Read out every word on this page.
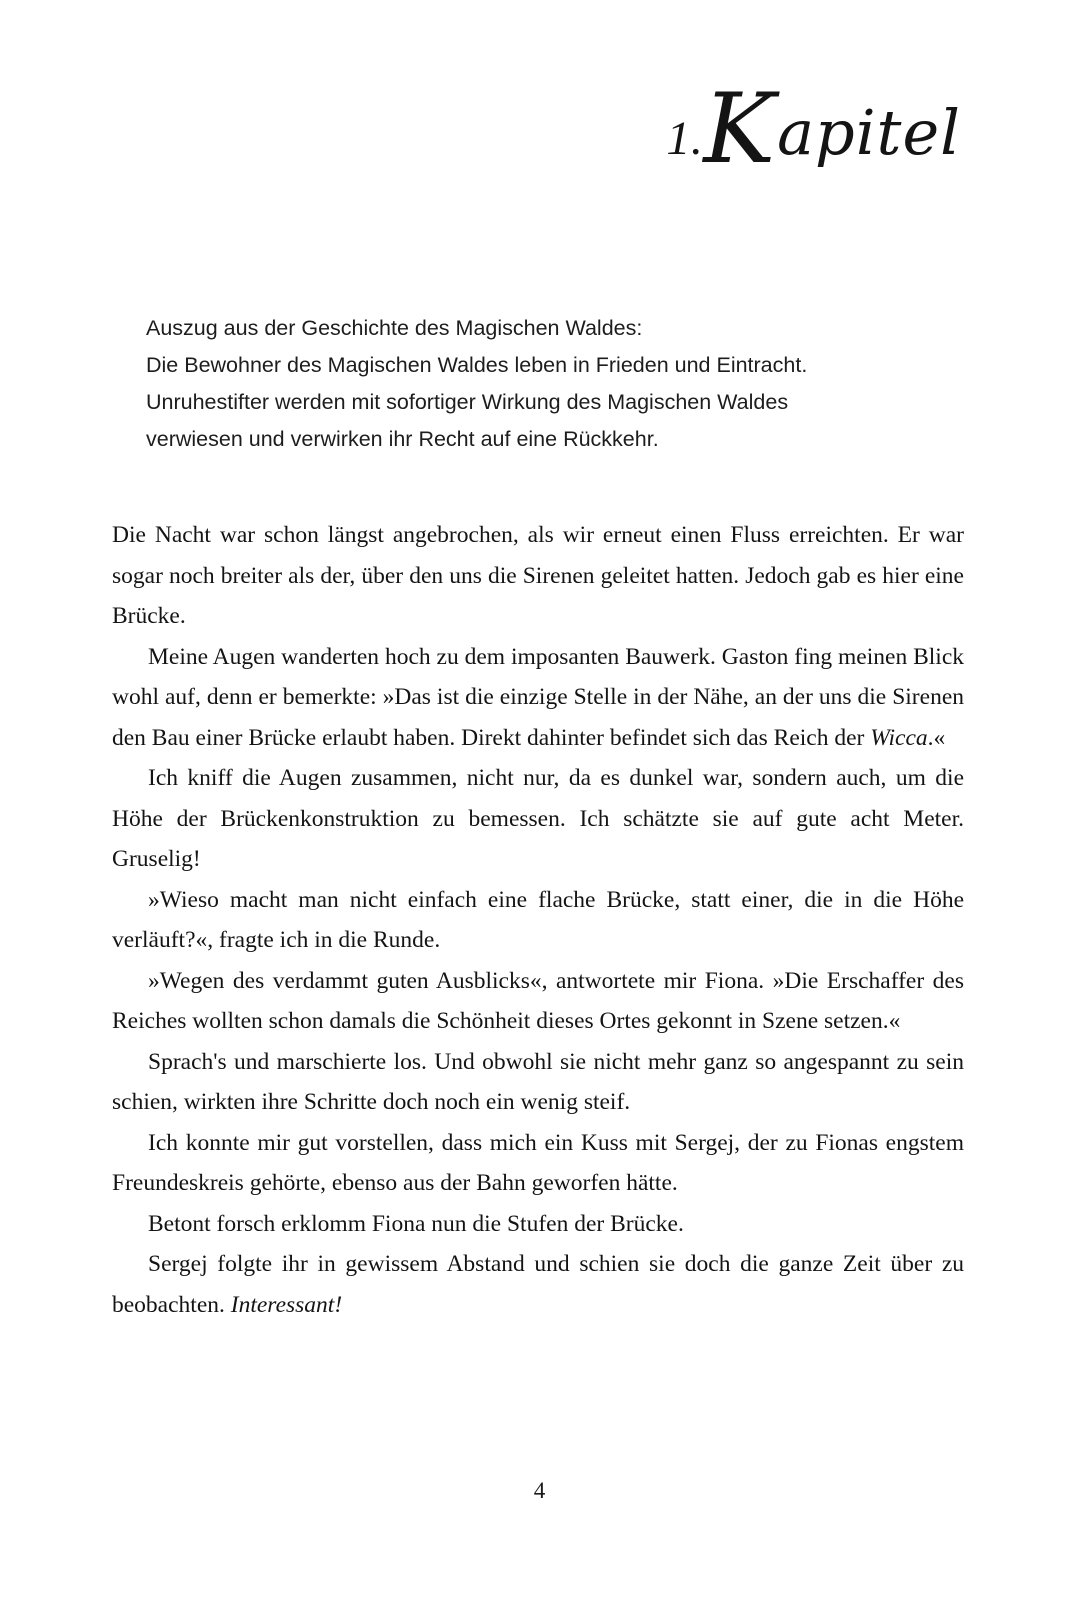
1.Kapitel

Auszug aus der Geschichte des Magischen Waldes:

Die Bewohner des Magischen Waldes leben in Frieden und Eintracht.

Unruhestifter werden mit sofortiger Wirkung des Magischen Waldes

verwiesen und verwirken ihr Recht auf eine Rückkehr.

Die Nacht war schon längst angebrochen, als wir erneut einen Fluss erreichten. Er war sogar noch breiter als der, über den uns die Sirenen geleitet hatten. Jedoch gab es hier eine Brücke.

Meine Augen wanderten hoch zu dem imposanten Bauwerk. Gaston fing meinen Blick wohl auf, denn er bemerkte: »Das ist die einzige Stelle in der Nähe, an der uns die Sirenen den Bau einer Brücke erlaubt haben. Direkt dahinter befindet sich das Reich der Wicca.«

Ich kniff die Augen zusammen, nicht nur, da es dunkel war, sondern auch, um die Höhe der Brückenkonstruktion zu bemessen. Ich schätzte sie auf gute acht Meter. Gruselig!

»Wieso macht man nicht einfach eine flache Brücke, statt einer, die in die Höhe verläuft?«, fragte ich in die Runde.

»Wegen des verdammt guten Ausblicks«, antwortete mir Fiona. »Die Erschaffer des Reiches wollten schon damals die Schönheit dieses Ortes gekonnt in Szene setzen.«

Sprach's und marschierte los. Und obwohl sie nicht mehr ganz so angespannt zu sein schien, wirkten ihre Schritte doch noch ein wenig steif.

Ich konnte mir gut vorstellen, dass mich ein Kuss mit Sergej, der zu Fionas engstem Freundeskreis gehörte, ebenso aus der Bahn geworfen hätte.

Betont forsch erklomm Fiona nun die Stufen der Brücke.

Sergej folgte ihr in gewissem Abstand und schien sie doch die ganze Zeit über zu beobachten. Interessant!

4
